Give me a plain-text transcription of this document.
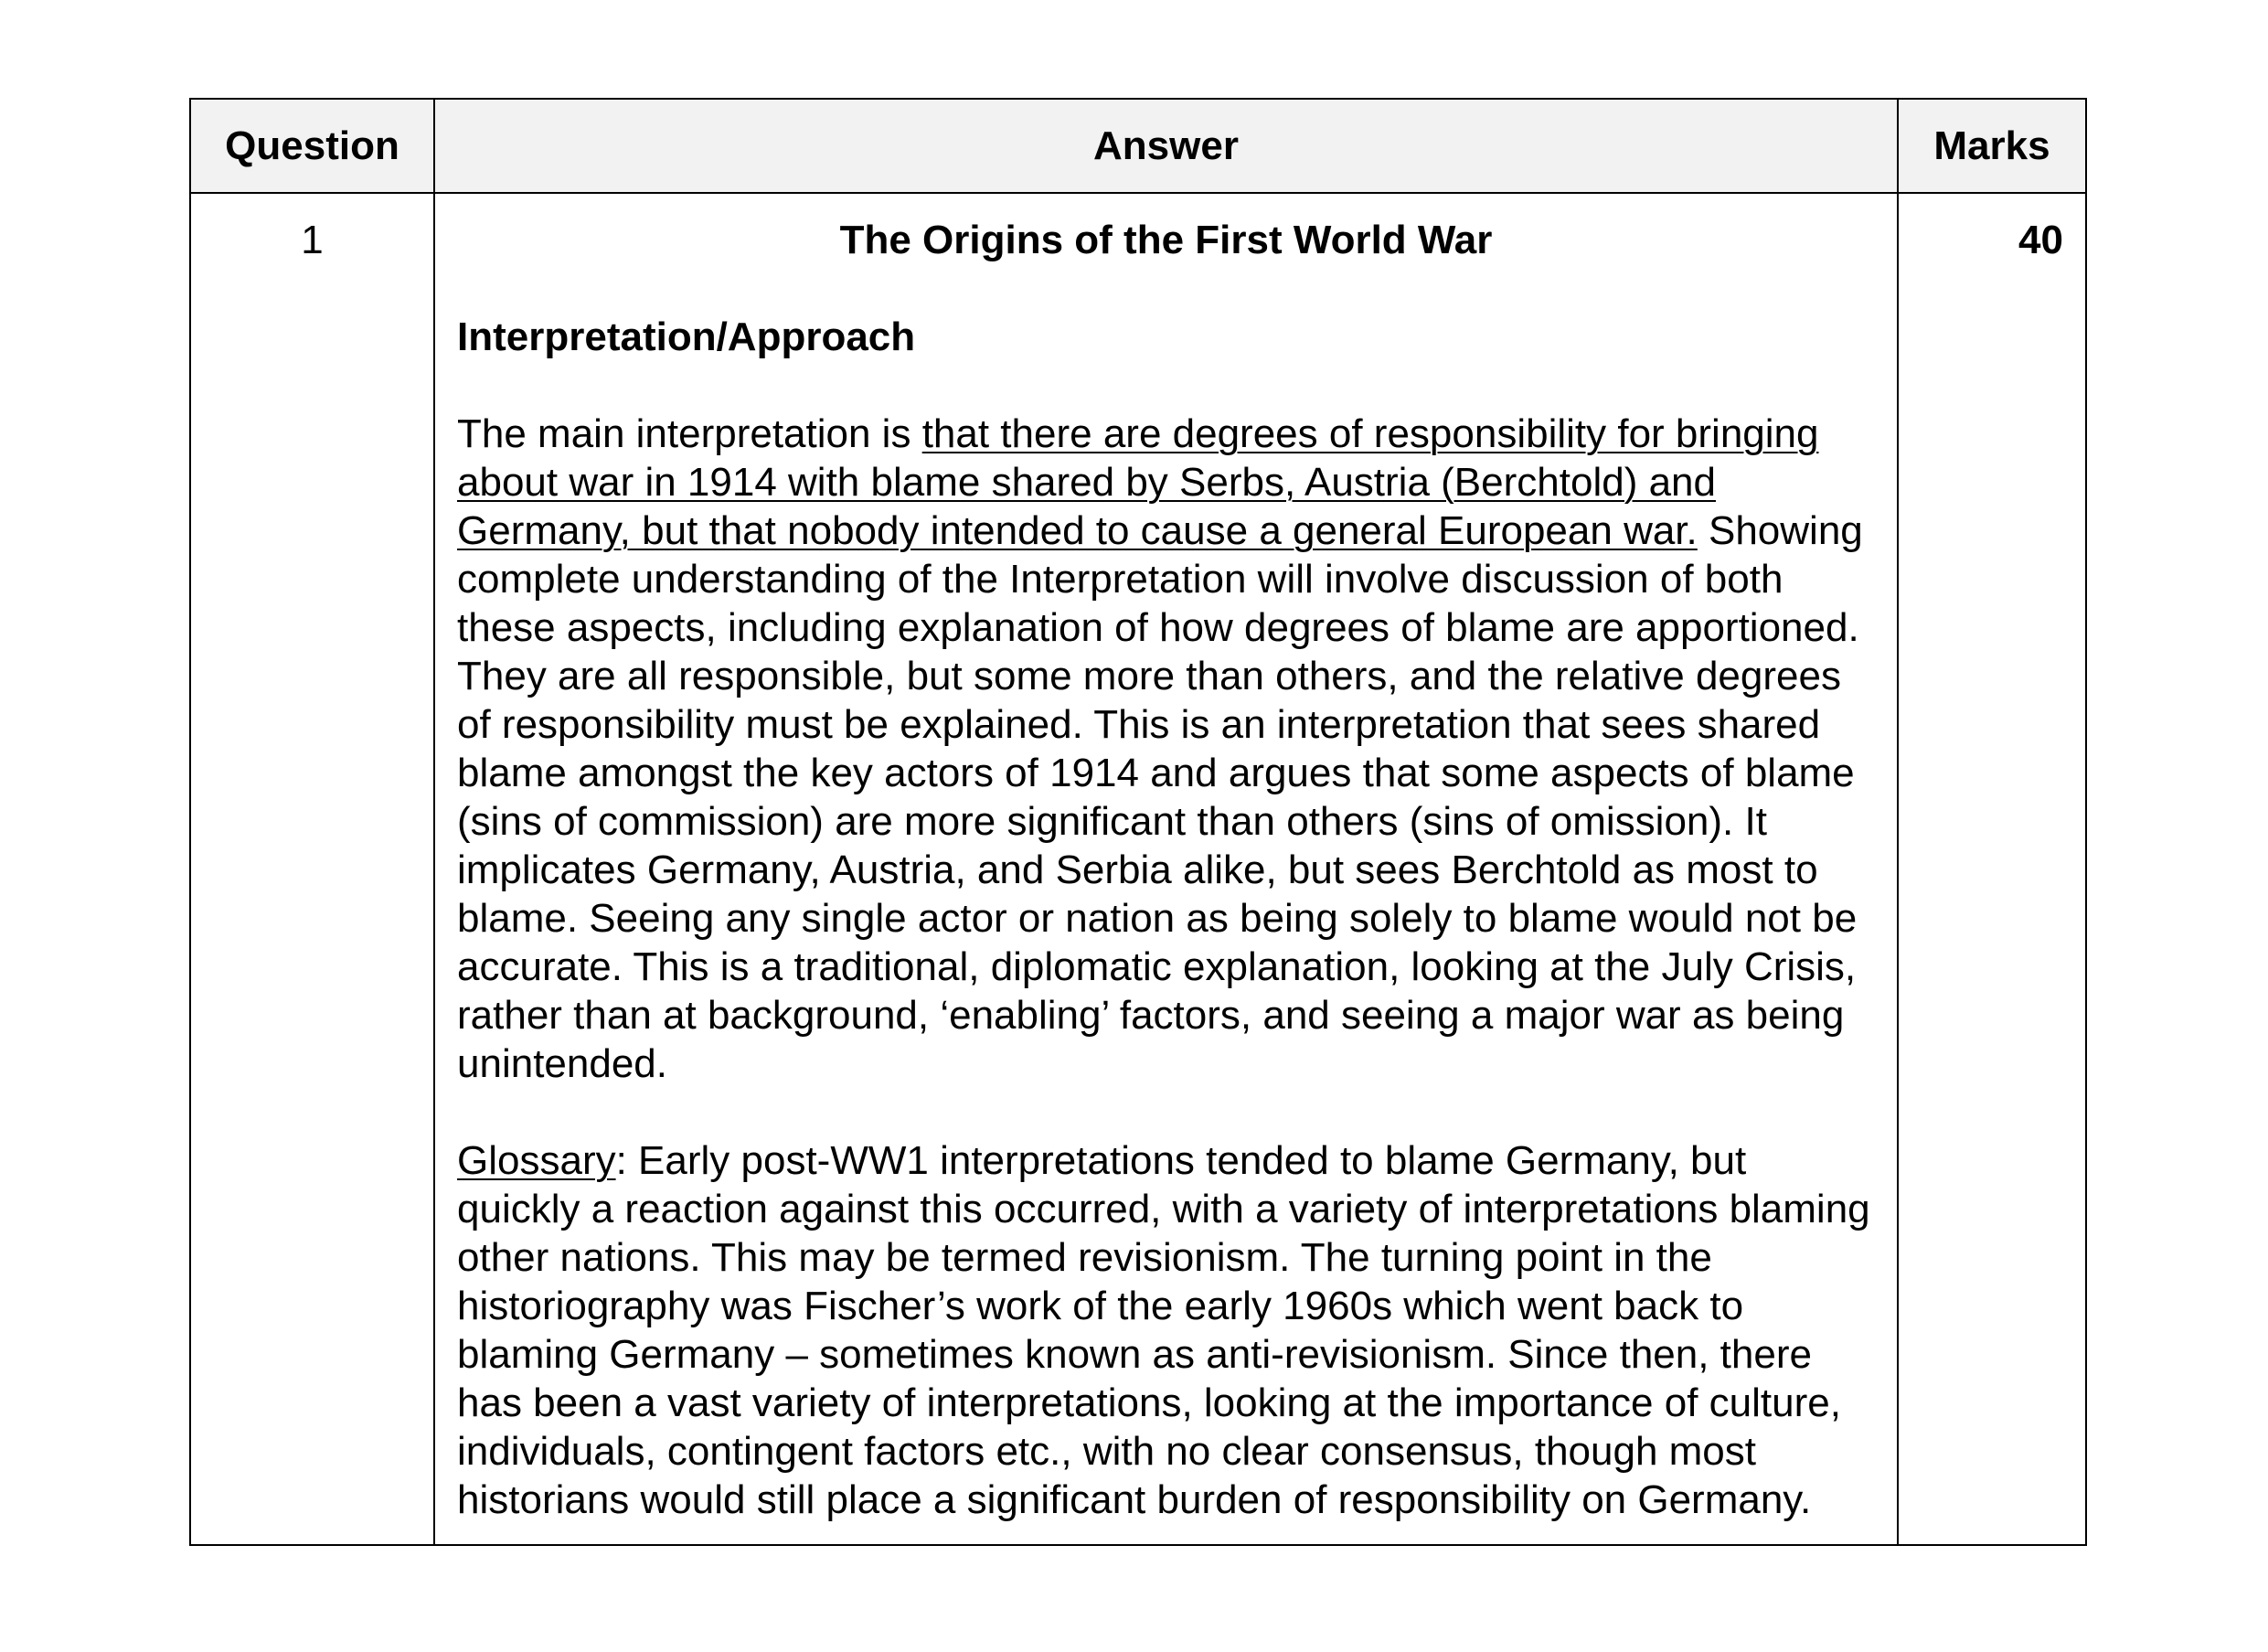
Question	Answer	Marks
1	The Origins of the First World War

Interpretation/Approach

The main interpretation is that there are degrees of responsibility for bringing about war in 1914 with blame shared by Serbs, Austria (Berchtold) and Germany, but that nobody intended to cause a general European war. Showing complete understanding of the Interpretation will involve discussion of both these aspects, including explanation of how degrees of blame are apportioned. They are all responsible, but some more than others, and the relative degrees of responsibility must be explained. This is an interpretation that sees shared blame amongst the key actors of 1914 and argues that some aspects of blame (sins of commission) are more significant than others (sins of omission). It implicates Germany, Austria, and Serbia alike, but sees Berchtold as most to blame. Seeing any single actor or nation as being solely to blame would not be accurate. This is a traditional, diplomatic explanation, looking at the July Crisis, rather than at background, ‘enabling’ factors, and seeing a major war as being unintended.

Glossary: Early post-WW1 interpretations tended to blame Germany, but quickly a reaction against this occurred, with a variety of interpretations blaming other nations. This may be termed revisionism. The turning point in the historiography was Fischer’s work of the early 1960s which went back to blaming Germany – sometimes known as anti-revisionism. Since then, there has been a vast variety of interpretations, looking at the importance of culture, individuals, contingent factors etc., with no clear consensus, though most historians would still place a significant burden of responsibility on Germany.	40
